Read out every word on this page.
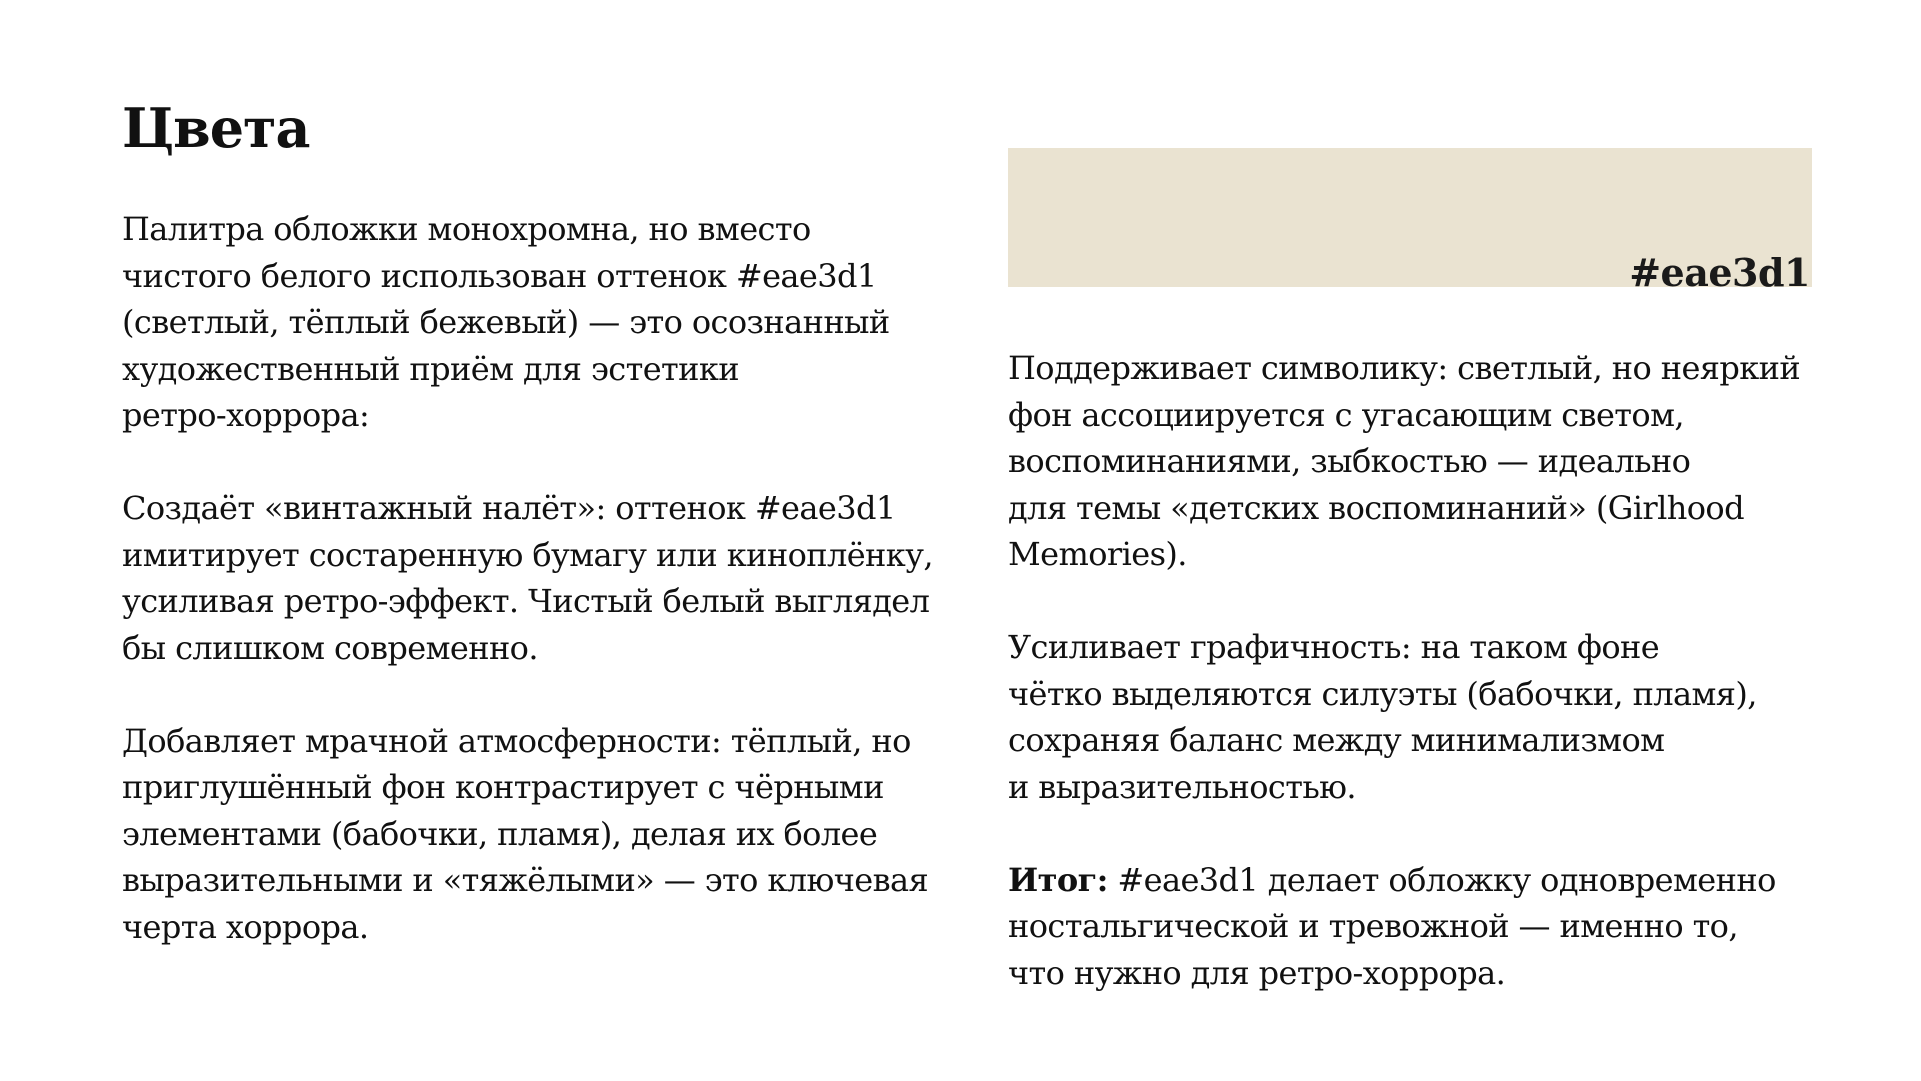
Цвета

Палитра обложки монохромна, но вместо
чистого белого использован оттенок #eae3d1
(светлый, тёплый бежевый) — это осознанный
художественный приём для эстетики
ретро-хоррора:

Создаёт «винтажный налёт»: оттенок #eae3d1
имитирует состаренную бумагу или киноплёнку,
усиливая ретро-эффект. Чистый белый выглядел
бы слишком современно.

Добавляет мрачной атмосферности: тёплый, но
приглушённый фон контрастирует с чёрными
элементами (бабочки, пламя), делая их более
выразительными и «тяжёлыми» — это ключевая
черта хоррора.

#eae3d1

Поддерживает символику: светлый, но неяркий
фон ассоциируется с угасающим светом,
воспоминаниями, зыбкостью — идеально
для темы «детских воспоминаний» (Girlhood
Memories).

Усиливает графичность: на таком фоне
чётко выделяются силуэты (бабочки, пламя),
сохраняя баланс между минимализмом
и выразительностью.

Итог: #eae3d1 делает обложку одновременно
ностальгической и тревожной — именно то,
что нужно для ретро-хоррора.
